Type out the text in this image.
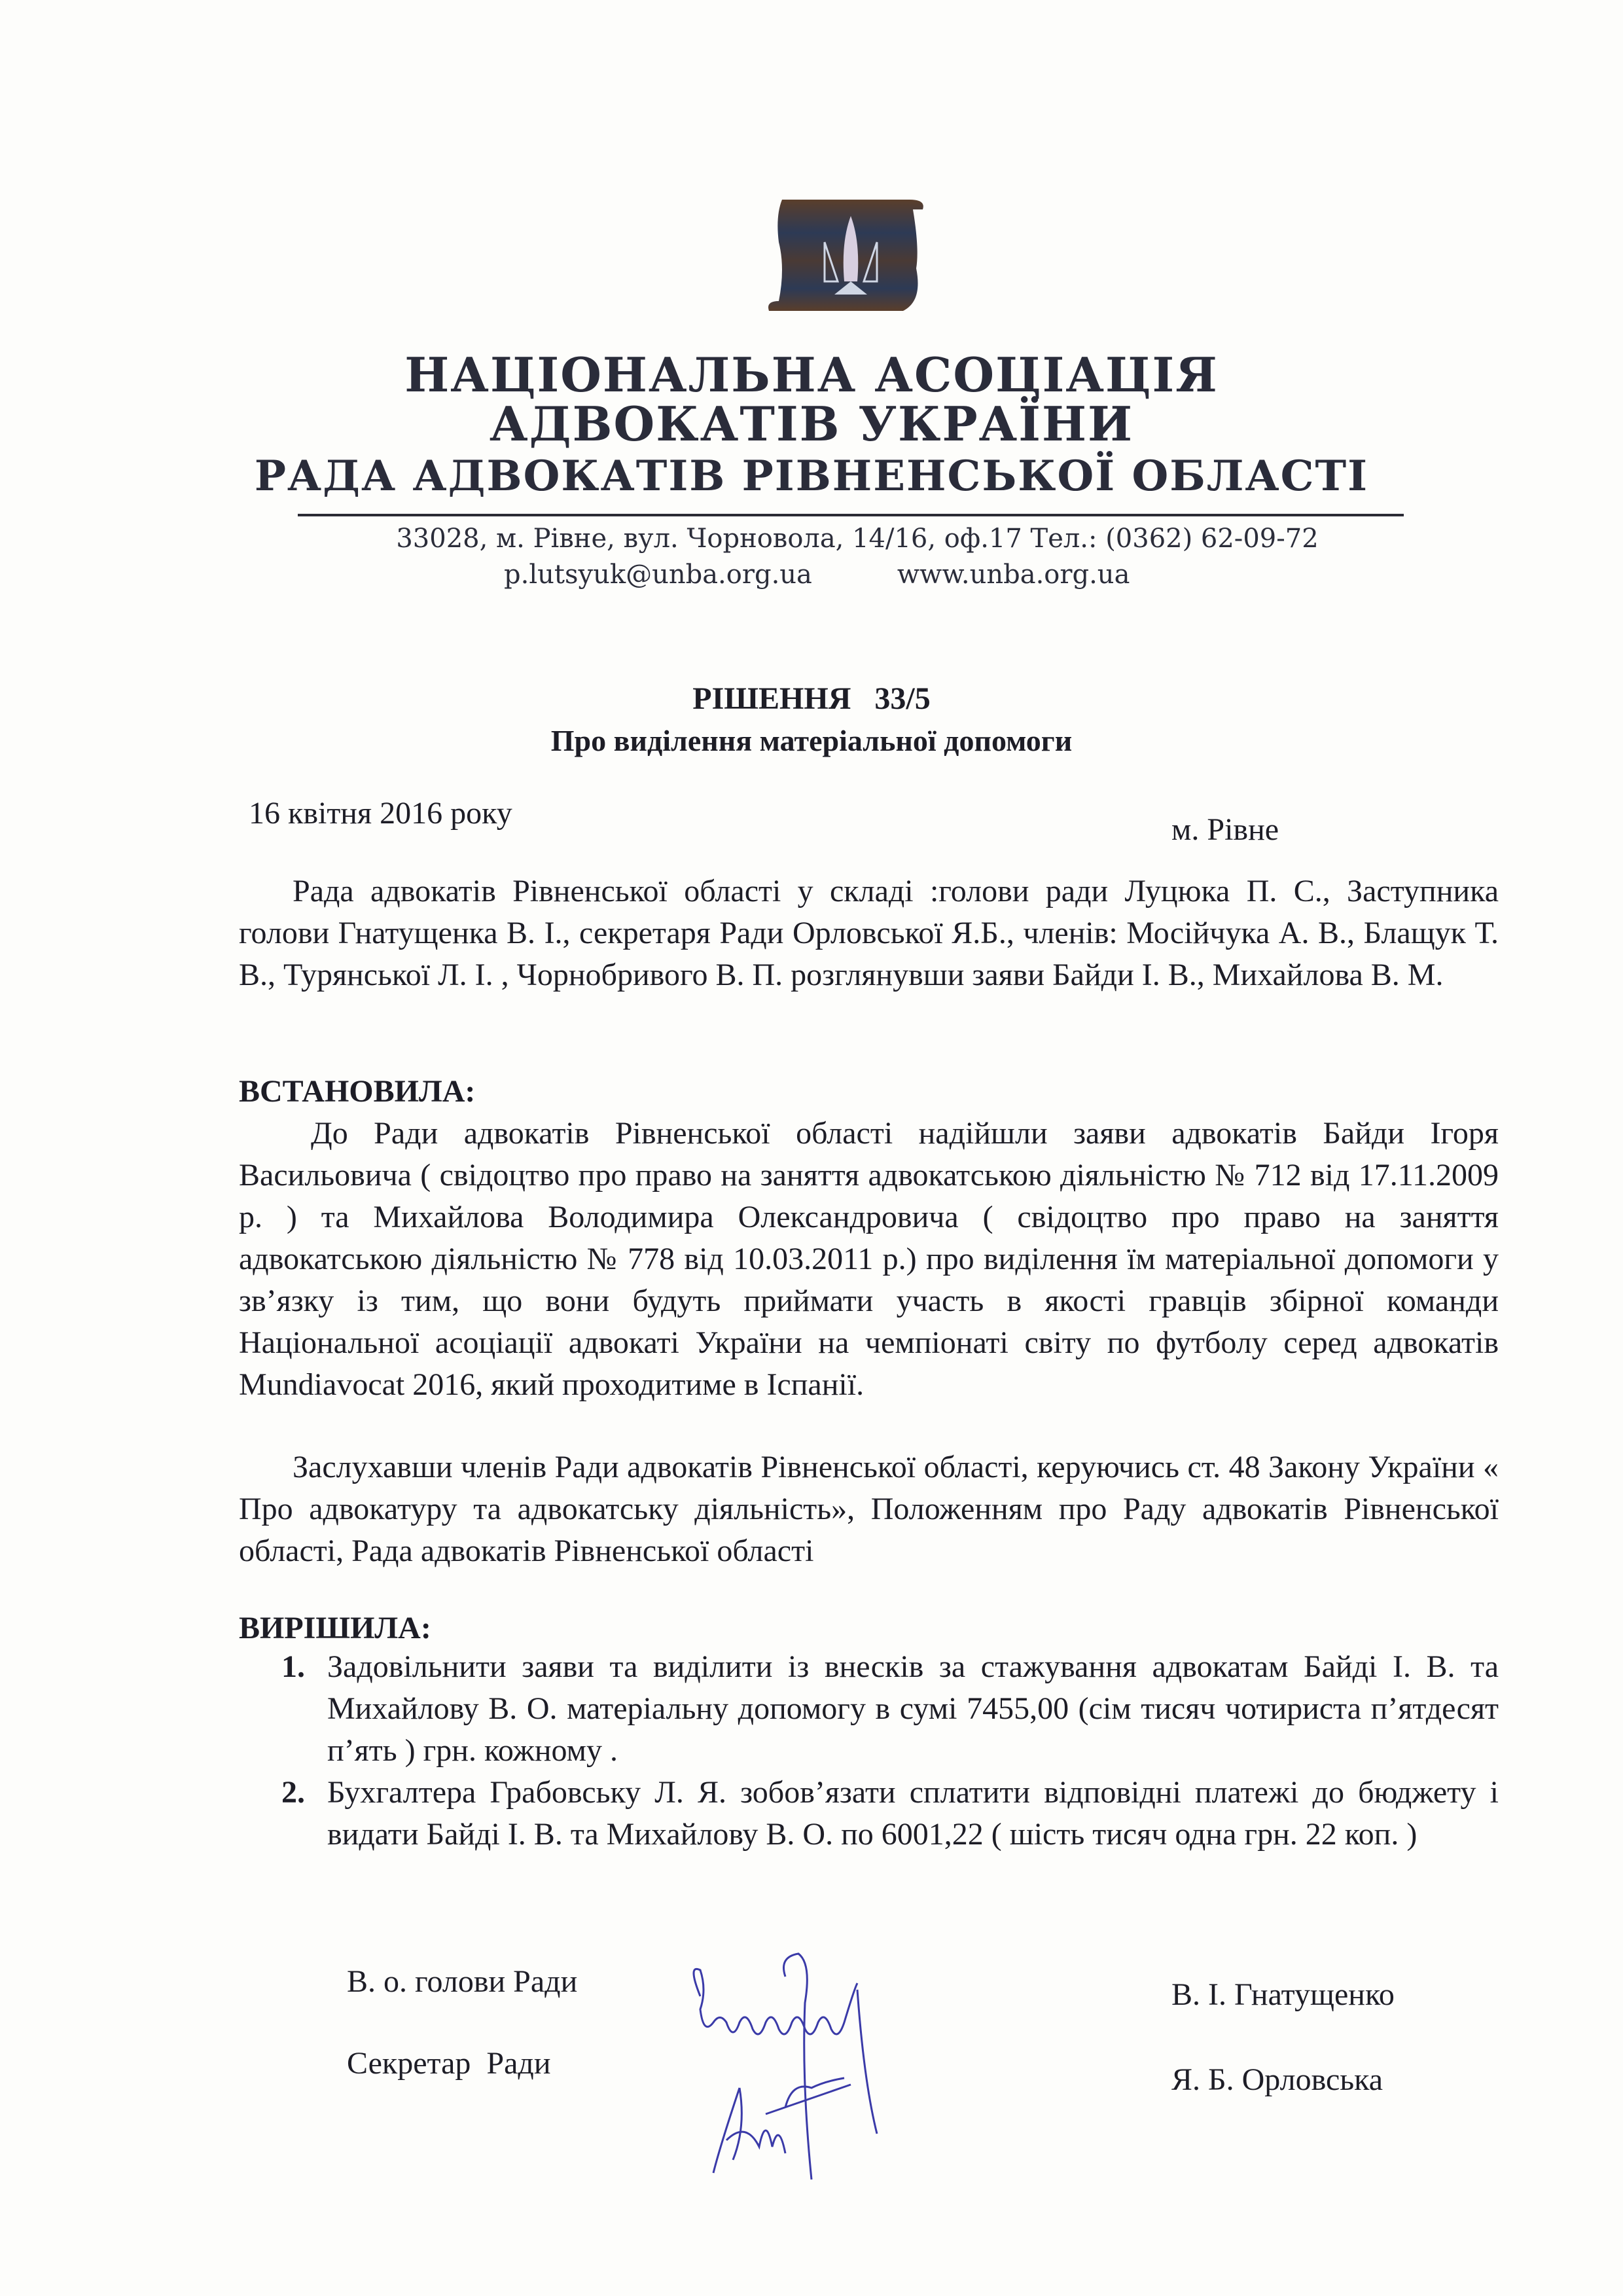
НАЦІОНАЛЬНА АСОЦІАЦІЯ
АДВОКАТІВ УКРАЇНИ
РАДА АДВОКАТІВ РІВНЕНСЬКОЇ ОБЛАСТІ
33028, м. Рівне, вул. Чорновола, 14/16, оф.17 Тел.: (0362) 62-09-72
p.lutsyuk@unba.org.ua	www.unba.org.ua
РІШЕННЯ   33/5
Про виділення матеріальної допомоги
16 квітня 2016 року	м. Рівне
Рада адвокатів Рівненської області у складі :голови ради Луцюка П. С., Заступника голови Гнатущенка В. І., секретаря Ради Орловської Я.Б., членів: Мосійчука А. В., Блащук Т. В., Турянської Л. І. , Чорнобривого В. П. розглянувши заяви Байди І. В., Михайлова В. М.
ВСТАНОВИЛА:
До Ради адвокатів Рівненської області надійшли заяви адвокатів Байди Ігоря Васильовича ( свідоцтво про право на заняття адвокатською діяльністю № 712 від 17.11.2009 р. ) та Михайлова Володимира Олександровича ( свідоцтво про право на заняття адвокатською діяльністю № 778 від 10.03.2011 р.) про виділення їм матеріальної допомоги у зв’язку із тим, що вони будуть приймати участь в якості гравців збірної команди Національної асоціації адвокаті України на чемпіонаті світу по футболу серед адвокатів Mundiavocat 2016, який проходитиме в Іспанії.
Заслухавши членів Ради адвокатів Рівненської області, керуючись ст. 48 Закону України « Про адвокатуру та адвокатську діяльність», Положенням про Раду адвокатів Рівненської області, Рада адвокатів Рівненської області
ВИРІШИЛА:
1. Задовільнити заяви та виділити із внесків за стажування адвокатам Байді І. В. та Михайлову В. О. матеріальну допомогу в сумі 7455,00 (сім тисяч чотириста п’ятдесят п’ять ) грн. кожному .
2. Бухгалтера Грабовську Л. Я. зобов’язати сплатити відповідні платежі до бюджету і видати Байді І. В. та Михайлову В. О. по 6001,22 ( шість тисяч одна грн. 22 коп. )
В. о. голови Ради	В. І. Гнатущенко
Секретар  Ради	Я. Б. Орловська
